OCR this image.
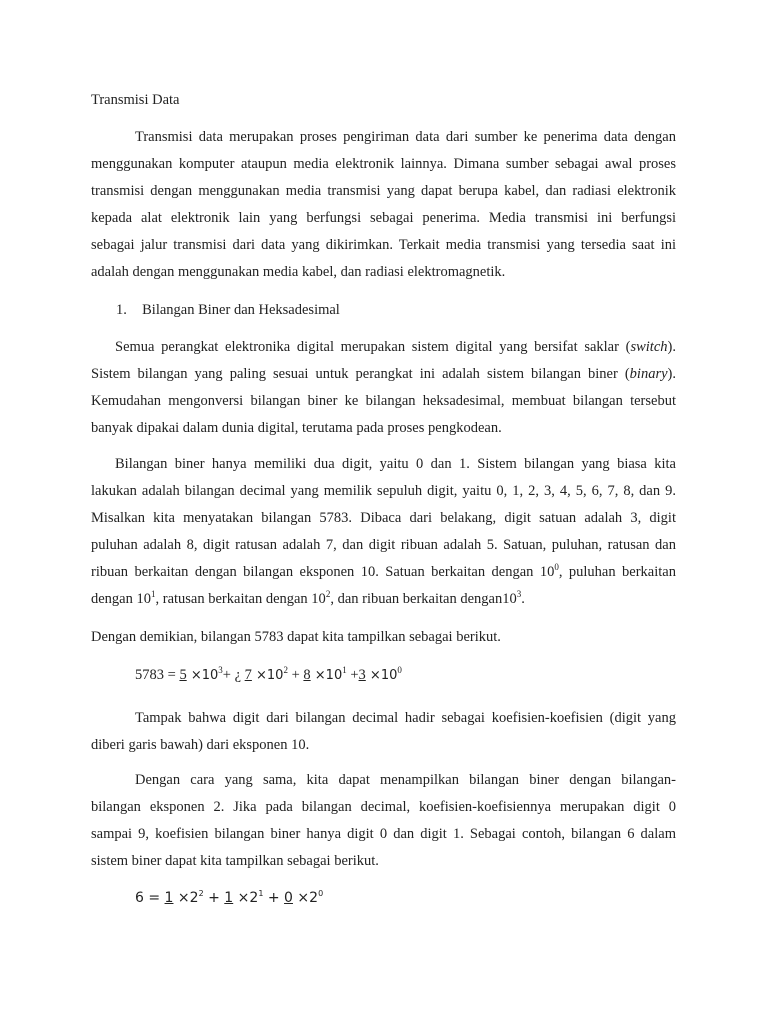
Transmisi Data
Transmisi data merupakan proses pengiriman data dari sumber ke penerima data dengan
menggunakan komputer ataupun media elektronik lainnya. Dimana sumber sebagai awal proses
transmisi dengan menggunakan media transmisi yang dapat berupa kabel, dan radiasi elektronik
kepada alat elektronik lain yang berfungsi sebagai penerima. Media transmisi ini berfungsi
sebagai jalur transmisi dari data yang dikirimkan. Terkait media transmisi yang tersedia saat ini
adalah dengan menggunakan media kabel, dan radiasi elektromagnetik.
1. Bilangan Biner dan Heksadesimal
Semua perangkat elektronika digital merupakan sistem digital yang bersifat saklar (switch).
Sistem bilangan yang paling sesuai untuk perangkat ini adalah sistem bilangan biner (binary).
Kemudahan mengonversi bilangan biner ke bilangan heksadesimal, membuat bilangan tersebut
banyak dipakai dalam dunia digital, terutama pada proses pengkodean.
Bilangan biner hanya memiliki dua digit, yaitu 0 dan 1. Sistem bilangan yang biasa kita
lakukan adalah bilangan decimal yang memilik sepuluh digit, yaitu 0, 1, 2, 3, 4, 5, 6, 7, 8, dan 9.
Misalkan kita menyatakan bilangan 5783. Dibaca dari belakang, digit satuan adalah 3, digit
puluhan adalah 8, digit ratusan adalah 7, dan digit ribuan adalah 5. Satuan, puluhan, ratusan dan
ribuan berkaitan dengan bilangan eksponen 10. Satuan berkaitan dengan $10^0$, puluhan berkaitan
dengan $10^1$, ratusan berkaitan dengan $10^2$, dan ribuan berkaitan $dengan10^3$.
Dengan demikian, bilangan 5783 dapat kita tampilkan sebagai berikut.
$5783 = 5 \times 10^3+$ ¿ $7 \times 10^2 + 8 \times 10^1 +3 \times 10^0$
Tampak bahwa digit dari bilangan decimal hadir sebagai koefisien-koefisien (digit yang
diberi garis bawah) dari eksponen 10.
Dengan cara yang sama, kita dapat menampilkan bilangan biner dengan bilangan-
bilangan eksponen 2. Jika pada bilangan decimal, koefisien-koefisiennya merupakan digit 0
sampai 9, koefisien bilangan biner hanya digit 0 dan digit 1. Sebagai contoh, bilangan 6 dalam
sistem biner dapat kita tampilkan sebagai berikut.
$6 = 1 \times 2^2 + 1 \times 2^1 + 0 \times 2^0$
